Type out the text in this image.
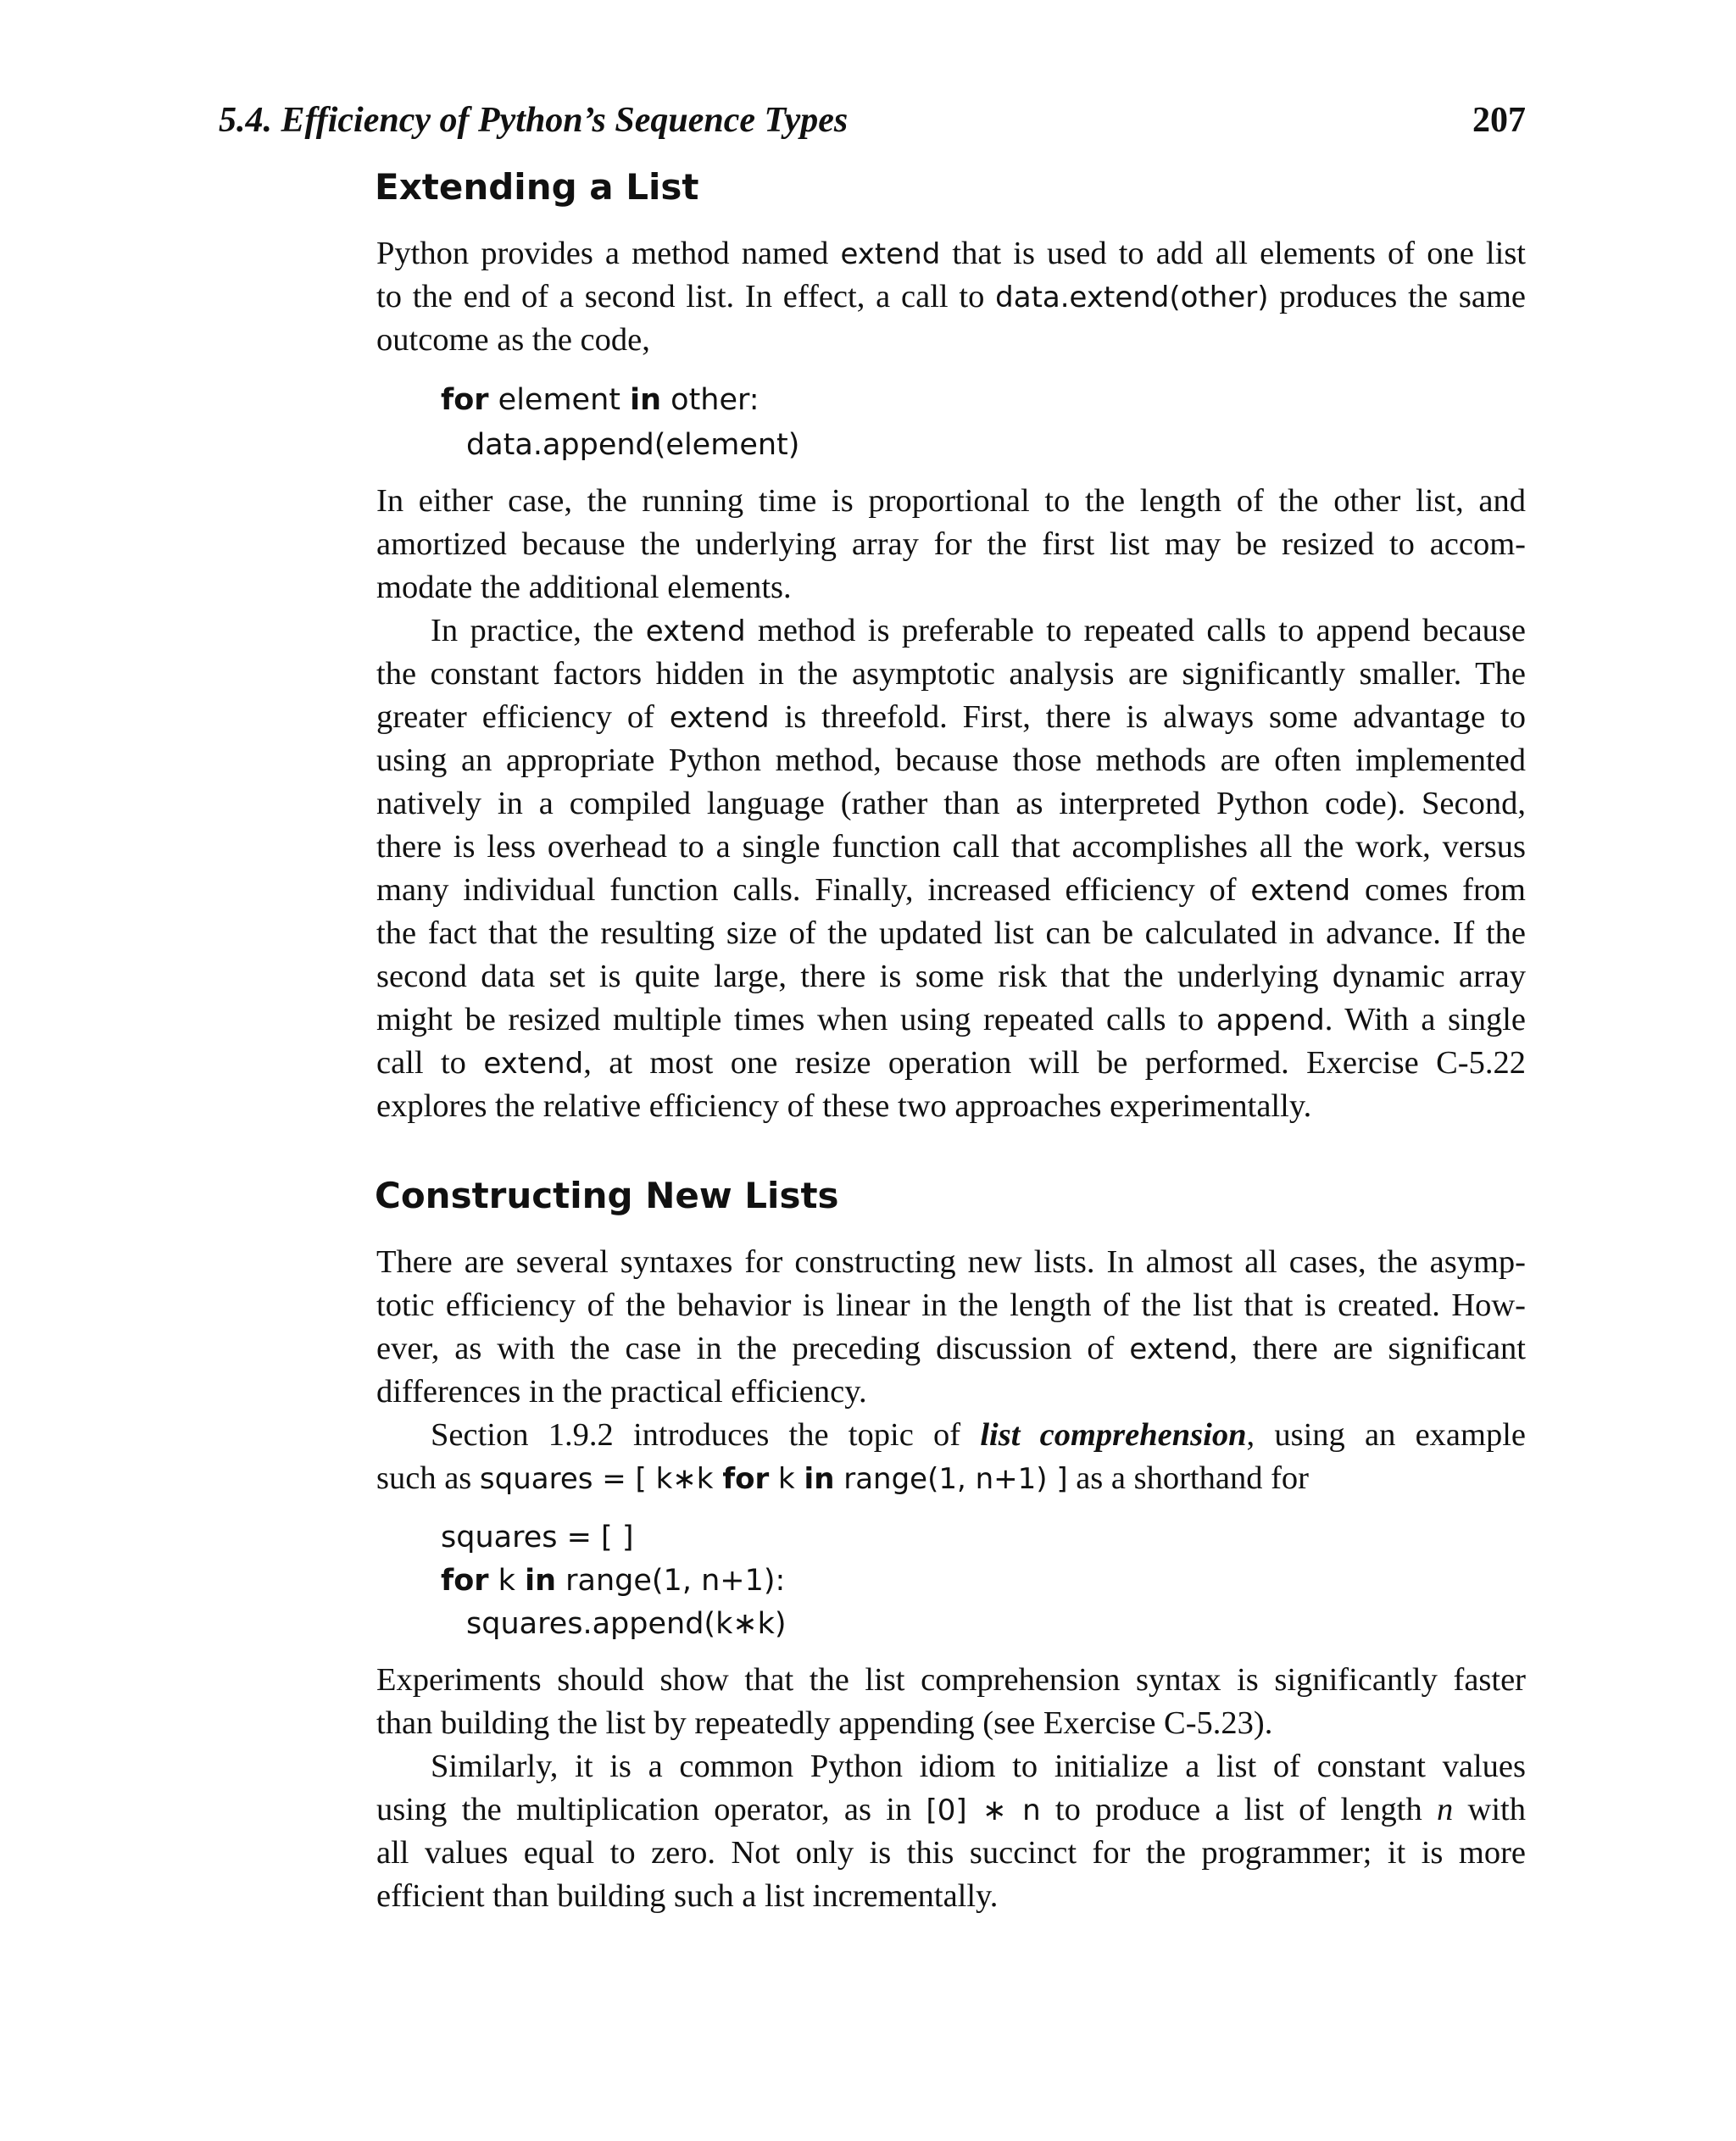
5.4. Efficiency of Python’s Sequence Types	207
Extending a List
Python provides a method named extend that is used to add all elements of one list
to the end of a second list. In effect, a call to data.extend(other) produces the same
outcome as the code,
for element in other:
data.append(element)
In either case, the running time is proportional to the length of the other list, and
amortized because the underlying array for the first list may be resized to accom-
modate the additional elements.
In practice, the extend method is preferable to repeated calls to append because
the constant factors hidden in the asymptotic analysis are significantly smaller. The
greater efficiency of extend is threefold. First, there is always some advantage to
using an appropriate Python method, because those methods are often implemented
natively in a compiled language (rather than as interpreted Python code). Second,
there is less overhead to a single function call that accomplishes all the work, versus
many individual function calls. Finally, increased efficiency of extend comes from
the fact that the resulting size of the updated list can be calculated in advance. If the
second data set is quite large, there is some risk that the underlying dynamic array
might be resized multiple times when using repeated calls to append. With a single
call to extend, at most one resize operation will be performed. Exercise C-5.22
explores the relative efficiency of these two approaches experimentally.
Constructing New Lists
There are several syntaxes for constructing new lists. In almost all cases, the asymp-
totic efficiency of the behavior is linear in the length of the list that is created. How-
ever, as with the case in the preceding discussion of extend, there are significant
differences in the practical efficiency.
Section 1.9.2 introduces the topic of list comprehension, using an example
such as squares = [ k∗k for k in range(1, n+1) ] as a shorthand for
squares = [ ]
for k in range(1, n+1):
squares.append(k∗k)
Experiments should show that the list comprehension syntax is significantly faster
than building the list by repeatedly appending (see Exercise C-5.23).
Similarly, it is a common Python idiom to initialize a list of constant values
using the multiplication operator, as in [0] ∗ n to produce a list of length n with
all values equal to zero. Not only is this succinct for the programmer; it is more
efficient than building such a list incrementally.
